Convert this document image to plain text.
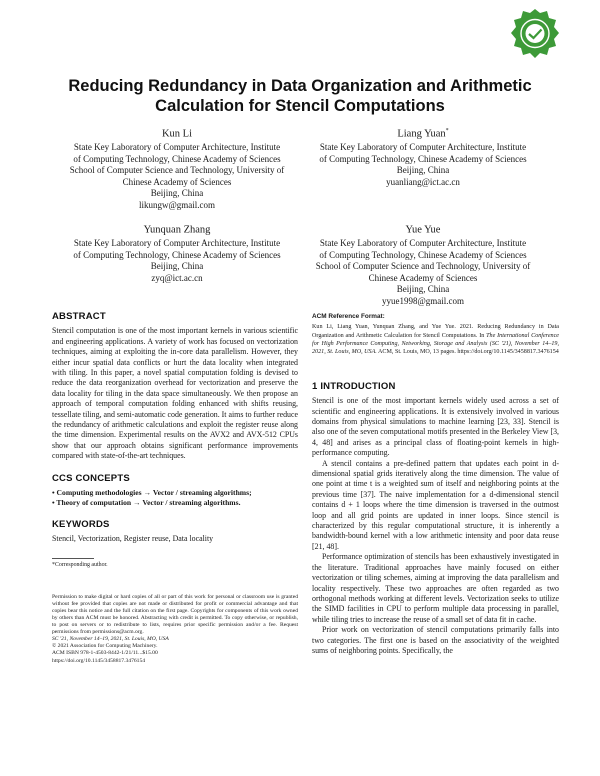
Reducing Redundancy in Data Organization and Arithmetic Calculation for Stencil Computations
Kun Li
State Key Laboratory of Computer Architecture, Institute
of Computing Technology, Chinese Academy of Sciences
School of Computer Science and Technology, University of
Chinese Academy of Sciences
Beijing, China
likungw@gmail.com
Liang Yuan*
State Key Laboratory of Computer Architecture, Institute
of Computing Technology, Chinese Academy of Sciences
Beijing, China
yuanliang@ict.ac.cn
Yunquan Zhang
State Key Laboratory of Computer Architecture, Institute
of Computing Technology, Chinese Academy of Sciences
Beijing, China
zyq@ict.ac.cn
Yue Yue
State Key Laboratory of Computer Architecture, Institute
of Computing Technology, Chinese Academy of Sciences
School of Computer Science and Technology, University of
Chinese Academy of Sciences
Beijing, China
yyue1998@gmail.com
ABSTRACT

Stencil computation is one of the most important kernels in various scientific and engineering applications. A variety of work has focused on vectorization techniques, aiming at exploiting the in-core data parallelism. However, they either incur spatial data conflicts or hurt the data locality when integrated with tiling. In this paper, a novel spatial computation folding is devised to reduce the data reorganization overhead for vectorization and preserve the data locality for tiling in the data space simultaneously. We then propose an approach of temporal computation folding enhanced with shifts reusing, tessellate tiling, and semi-automatic code generation. It aims to further reduce the redundancy of arithmetic calculations and exploit the register reuse along the time dimension. Experimental results on the AVX2 and AVX-512 CPUs show that our approach obtains significant performance improvements compared with state-of-the-art techniques.

CCS CONCEPTS
• Computing methodologies → Vector / streaming algorithms;
• Theory of computation → Vector / streaming algorithms.
KEYWORDS

Stencil, Vectorization, Register reuse, Data locality

*Corresponding author.

Permission to make digital or hard copies of all or part of this work for personal or classroom use is granted without fee provided that copies are not made or distributed for profit or commercial advantage and that copies bear this notice and the full citation on the first page. Copyrights for components of this work owned by others than ACM must be honored. Abstracting with credit is permitted. To copy otherwise, or republish, to post on servers or to redistribute to lists, requires prior specific permission and/or a fee. Request permissions from permissions@acm.org.

SC '21, November 14–19, 2021, St. Louis, MO, USA

© 2021 Association for Computing Machinery.

ACM ISBN 978-1-4503-8442-1/21/11...$15.00

https://doi.org/10.1145/3458817.3476154

ACM Reference Format:

Kun Li, Liang Yuan, Yunquan Zhang, and Yue Yue. 2021. Reducing Redundancy in Data Organization and Arithmetic Calculation for Stencil Computations. In The International Conference for High Performance Computing, Networking, Storage and Analysis (SC '21), November 14–19, 2021, St. Louis, MO, USA. ACM, St. Louis, MO, 13 pages. https://doi.org/10.1145/3458817.3476154

1 INTRODUCTION

Stencil is one of the most important kernels widely used across a set of scientific and engineering applications. It is extensively involved in various domains from physical simulations to machine learning [23, 33]. Stencil is also one of the seven computational motifs presented in the Berkeley View [3, 4, 48] and arises as a principal class of floating-point kernels in high-performance computing.

A stencil contains a pre-defined pattern that updates each point in d-dimensional spatial grids iteratively along the time dimension. The value of one point at time t is a weighted sum of itself and neighboring points at the previous time [37]. The naive implementation for a d-dimensional stencil contains d + 1 loops where the time dimension is traversed in the outmost loop and all grid points are updated in inner loops. Since stencil is characterized by this regular computational structure, it is inherently a bandwidth-bound kernel with a low arithmetic intensity and poor data reuse [21, 48].

Performance optimization of stencils has been exhaustively investigated in the literature. Traditional approaches have mainly focused on either vectorization or tiling schemes, aiming at improving the data parallelism and locality respectively. These two approaches are often regarded as two orthogonal methods working at different levels. Vectorization seeks to utilize the SIMD facilities in CPU to perform multiple data processing in parallel, while tiling tries to increase the reuse of a small set of data fit in cache.

Prior work on vectorization of stencil computations primarily falls into two categories. The first one is based on the associativity of the weighted sums of neighboring points. Specifically, the
